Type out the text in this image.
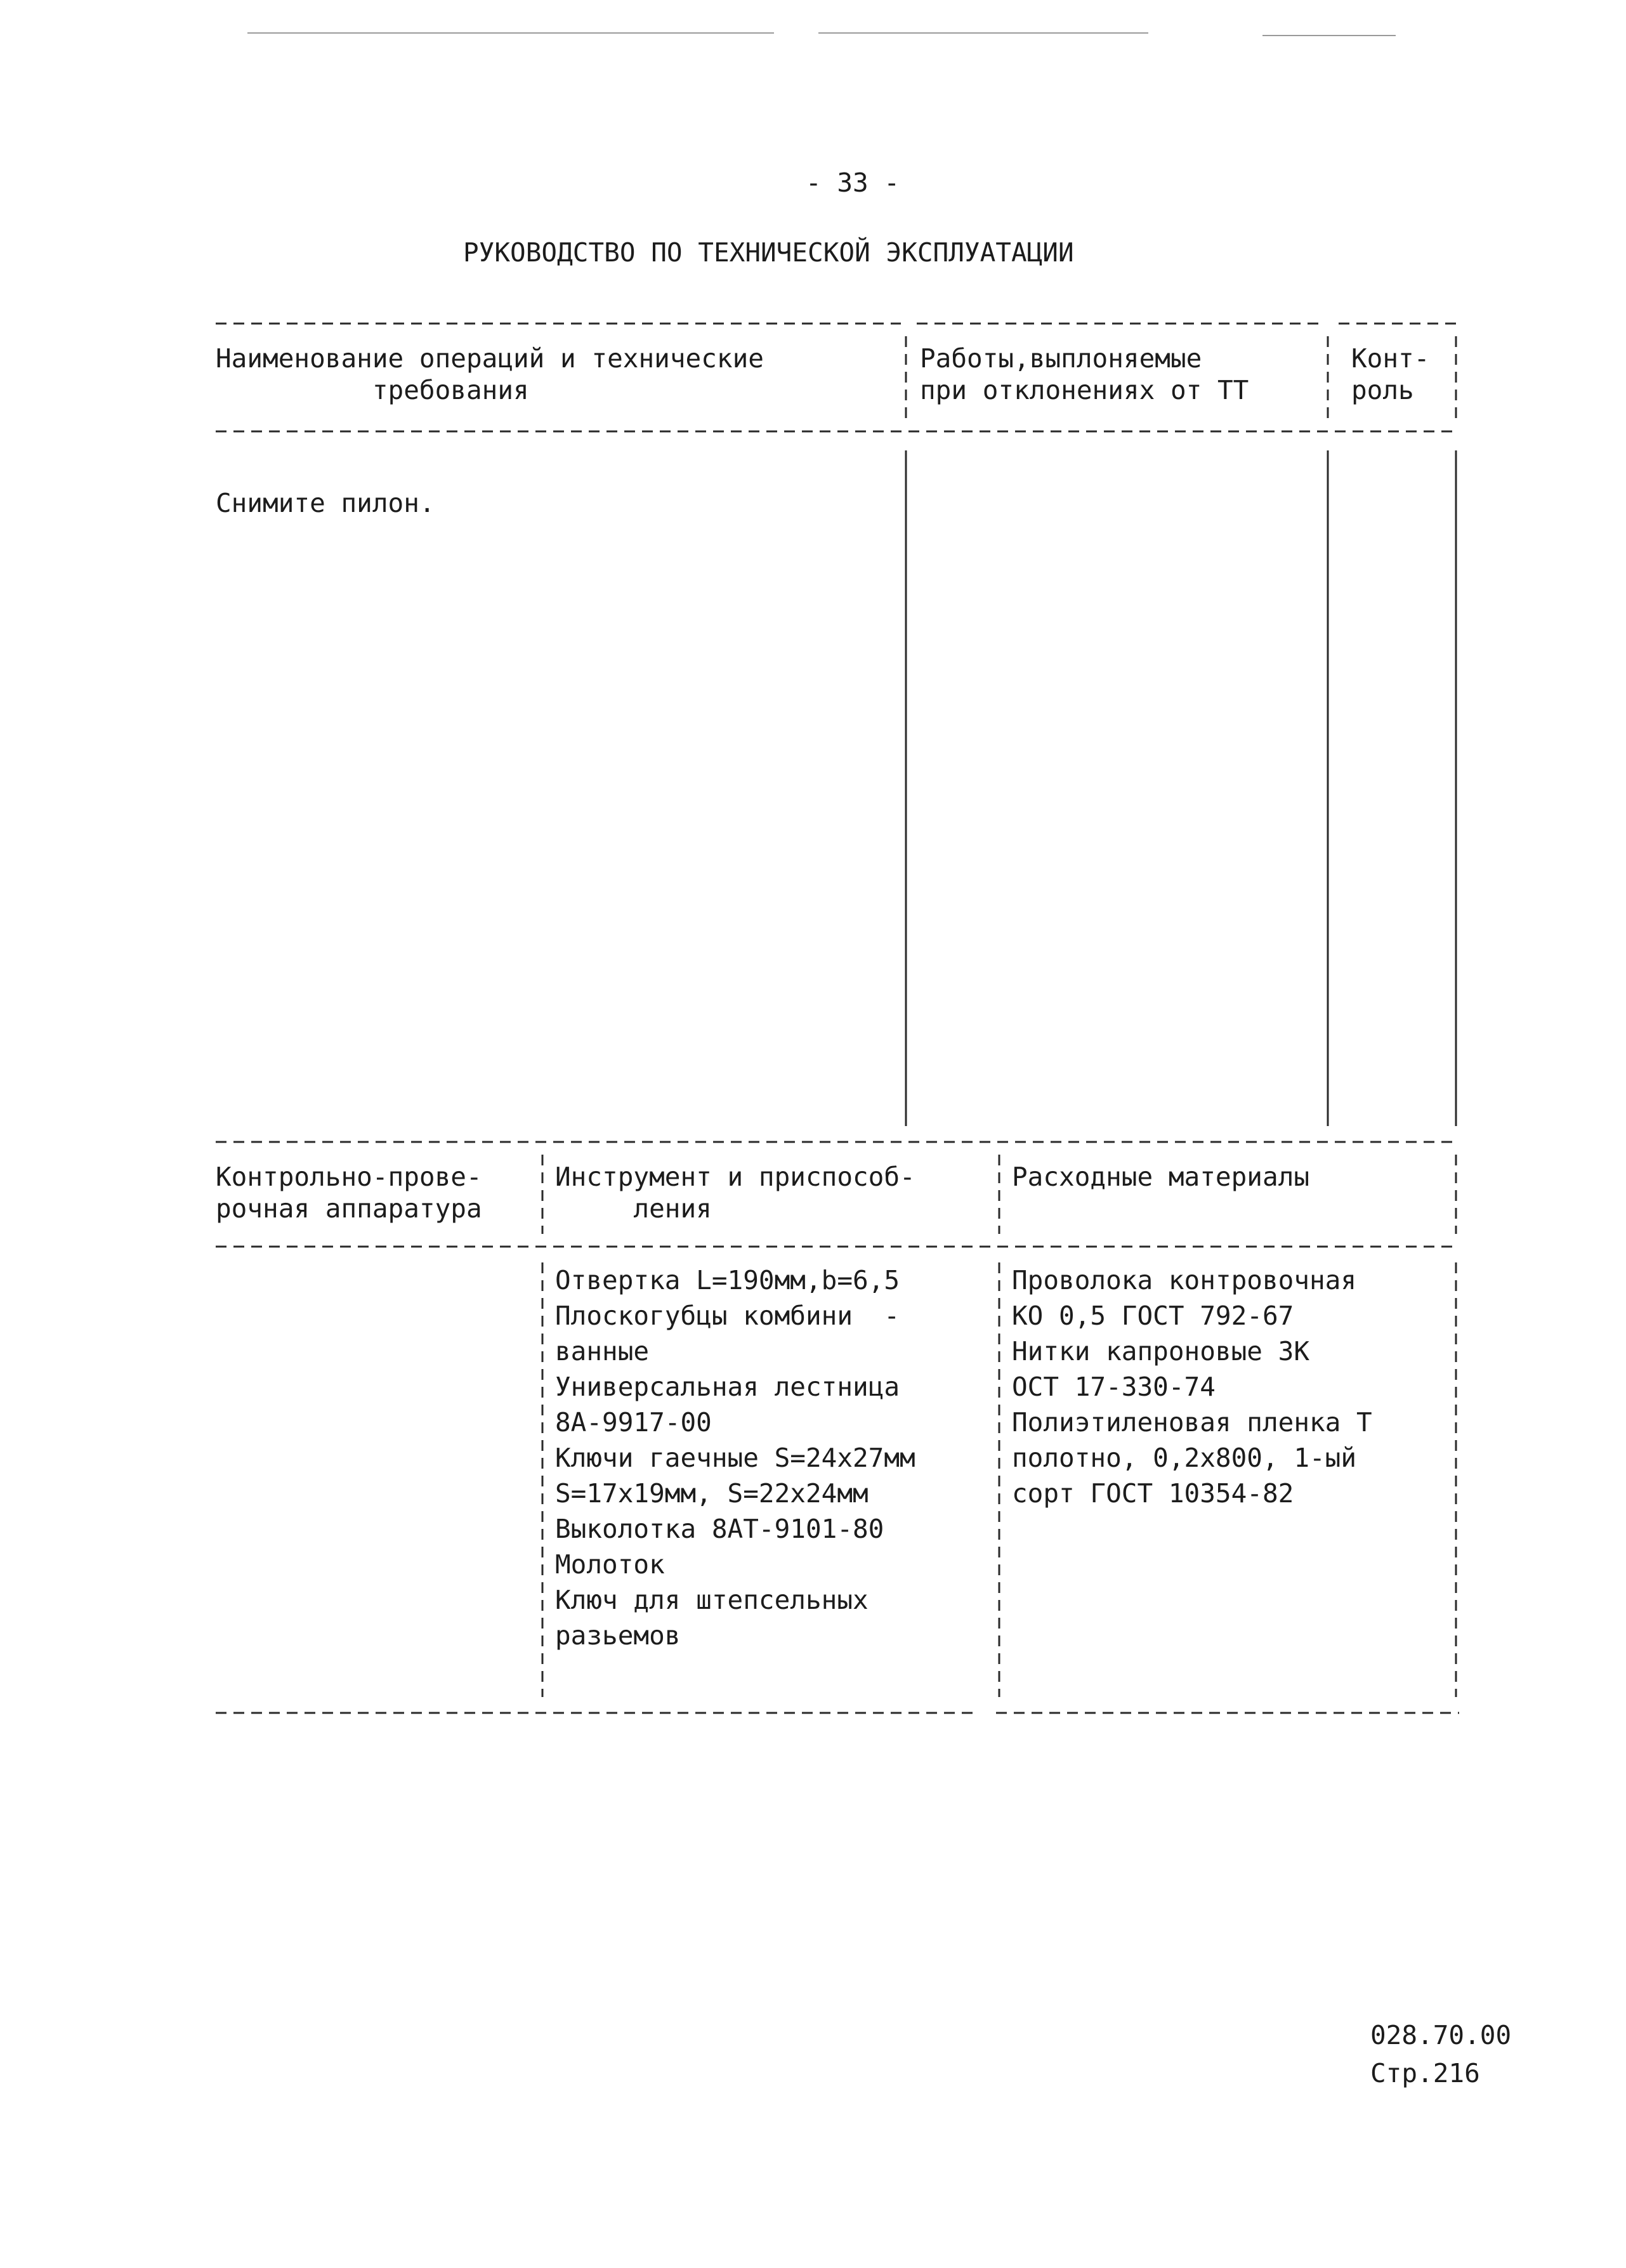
- 33 -
РУКОВОДСТВО ПО ТЕХНИЧЕСКОЙ ЭКСПЛУАТАЦИИ
Наименование операций и технические
требования
Работы,выплоняемые
при отклонениях от ТТ
Конт-
роль
Снимите пилон.
Контрольно-прове-
рочная аппаратура
Инструмент и приспособ-
ления
Расходные материалы
Отвертка L=190мм,b=6,5
Плоскогубцы комбини  -
ванные
Универсальная лестница
8А-9917-00
Ключи гаечные S=24x27мм
S=17x19мм, S=22x24мм
Выколотка 8АТ-9101-80
Молоток
Ключ для штепсельных
разьемов
Проволока контровочная
КО 0,5 ГОСТ 792-67
Нитки капроновые 3К
ОСТ 17-330-74
Полиэтиленовая пленка Т
полотно, 0,2x800, 1-ый
сорт ГОСТ 10354-82
028.70.00
Стр.216
